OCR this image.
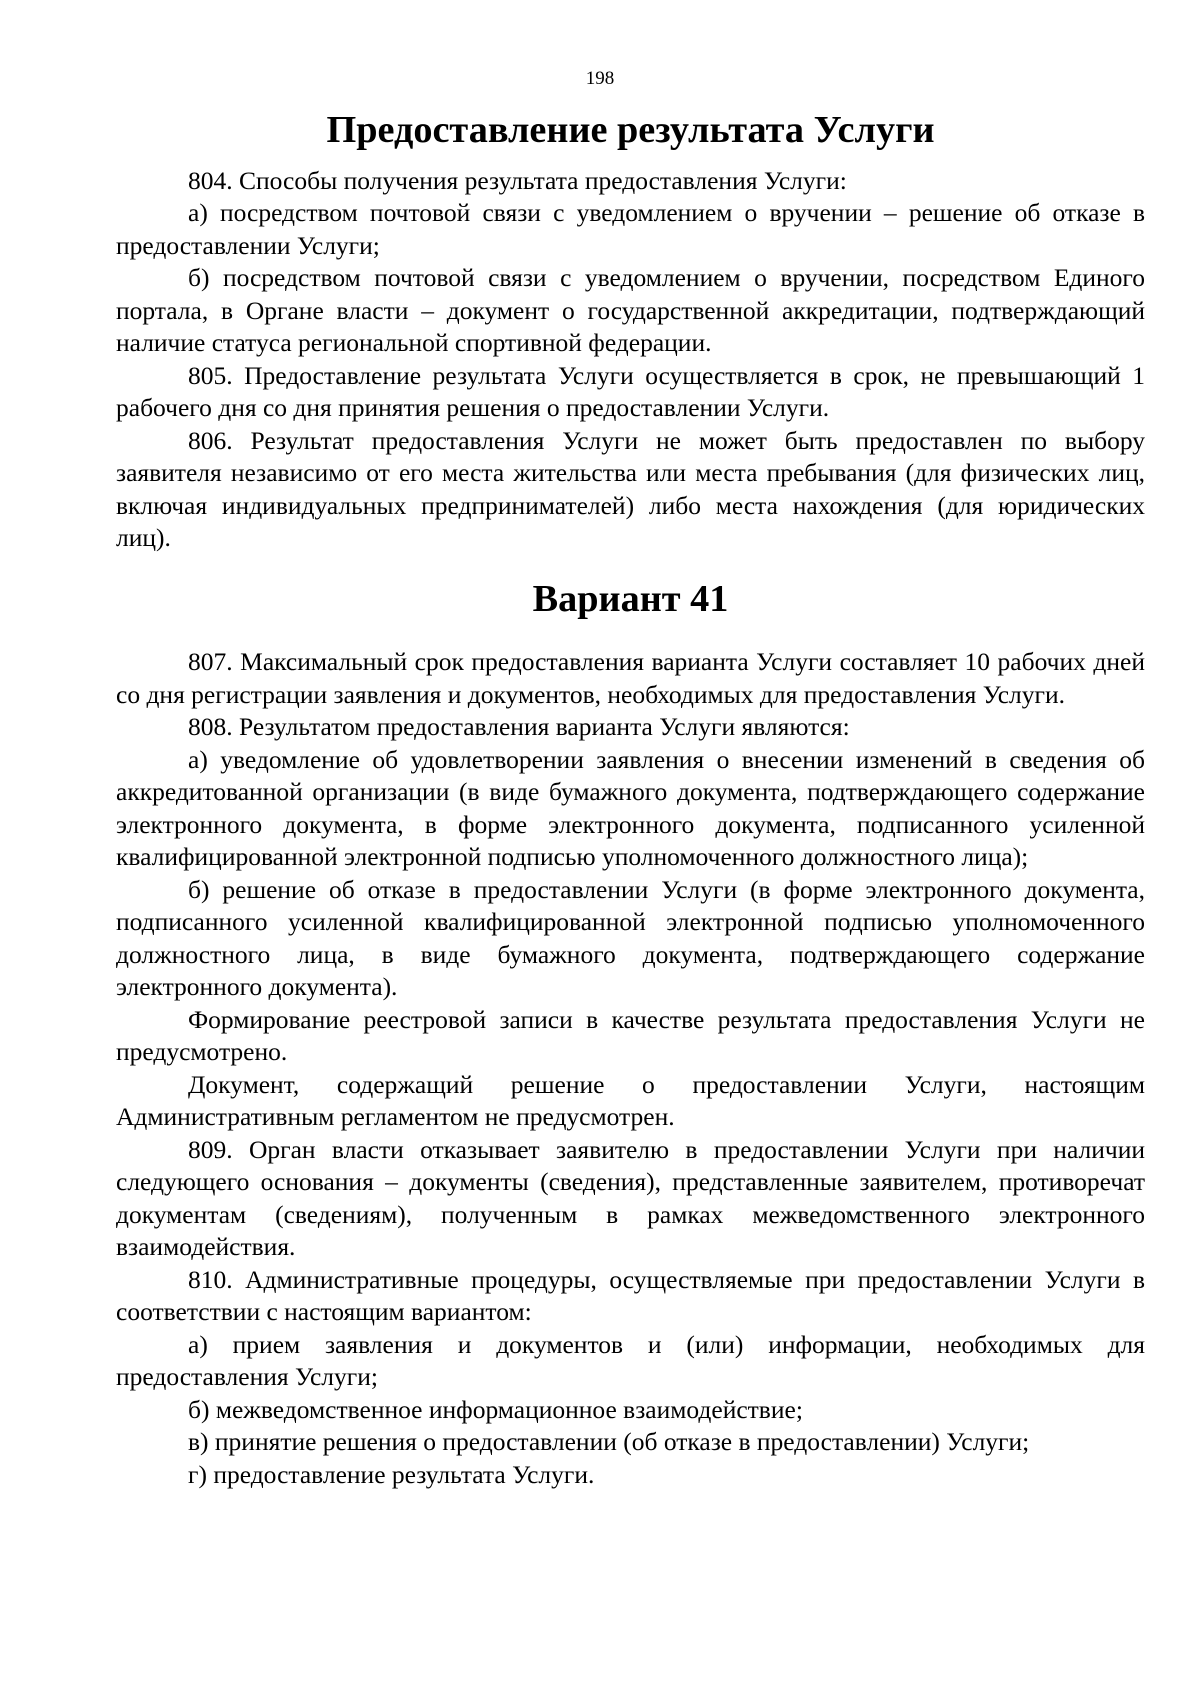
198
Предоставление результата Услуги

804. Способы получения результата предоставления Услуги:

а) посредством почтовой связи с уведомлением о вручении – решение об отказе в предоставлении Услуги;

б) посредством почтовой связи с уведомлением о вручении, посредством Единого портала, в Органе власти – документ о государственной аккредитации, подтверждающий наличие статуса региональной спортивной федерации.

805. Предоставление результата Услуги осуществляется в срок, не превышающий 1 рабочего дня со дня принятия решения о предоставлении Услуги.

806. Результат предоставления Услуги не может быть предоставлен по выбору заявителя независимо от его места жительства или места пребывания (для физических лиц, включая индивидуальных предпринимателей) либо места нахождения (для юридических лиц).

Вариант 41

807. Максимальный срок предоставления варианта Услуги составляет 10 рабочих дней со дня регистрации заявления и документов, необходимых для предоставления Услуги.

808. Результатом предоставления варианта Услуги являются:

а) уведомление об удовлетворении заявления о внесении изменений в сведения об аккредитованной организации (в виде бумажного документа, подтверждающего содержание электронного документа, в форме электронного документа, подписанного усиленной квалифицированной электронной подписью уполномоченного должностного лица);

б) решение об отказе в предоставлении Услуги (в форме электронного документа, подписанного усиленной квалифицированной электронной подписью уполномоченного должностного лица, в виде бумажного документа, подтверждающего содержание электронного документа).

Формирование реестровой записи в качестве результата предоставления Услуги не предусмотрено.

Документ, содержащий решение о предоставлении Услуги, настоящим Административным регламентом не предусмотрен.

809. Орган власти отказывает заявителю в предоставлении Услуги при наличии следующего основания – документы (сведения), представленные заявителем, противоречат документам (сведениям), полученным в рамках межведомственного электронного взаимодействия.

810. Административные процедуры, осуществляемые при предоставлении Услуги в соответствии с настоящим вариантом:

а) прием заявления и документов и (или) информации, необходимых для предоставления Услуги;

б) межведомственное информационное взаимодействие;

в) принятие решения о предоставлении (об отказе в предоставлении) Услуги;

г) предоставление результата Услуги.
